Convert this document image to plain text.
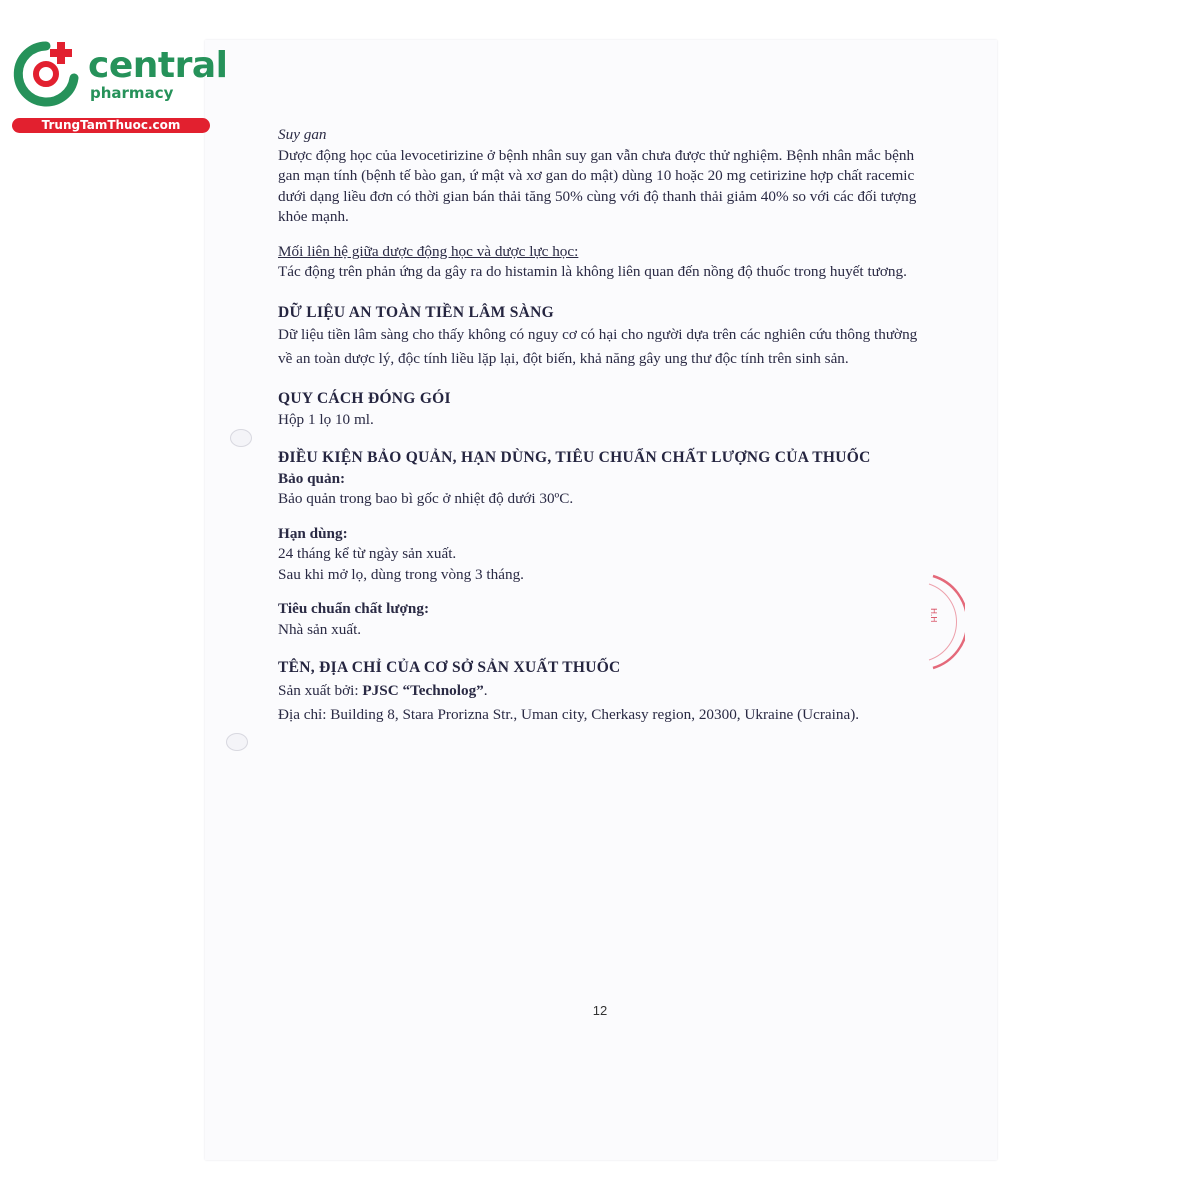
central
pharmacy
TrungTamThuoc.com
H.H

Suy gan

Dược động học của levocetirizine ở bệnh nhân suy gan vẫn chưa được thử nghiệm. Bệnh nhân mắc bệnh gan mạn tính (bệnh tế bào gan, ứ mật và xơ gan do mật) dùng 10 hoặc 20 mg cetirizine hợp chất racemic dưới dạng liều đơn có thời gian bán thải tăng 50% cùng với độ thanh thải giảm 40% so với các đối tượng khỏe mạnh.

Mối liên hệ giữa dược động học và dược lực học:

Tác động trên phản ứng da gây ra do histamin là không liên quan đến nồng độ thuốc trong huyết tương.

DỮ LIỆU AN TOÀN TIỀN LÂM SÀNG

Dữ liệu tiền lâm sàng cho thấy không có nguy cơ có hại cho người dựa trên các nghiên cứu thông thường về an toàn dược lý, độc tính liều lặp lại, đột biến, khả năng gây ung thư độc tính trên sinh sản.

QUY CÁCH ĐÓNG GÓI

Hộp 1 lọ 10 ml.

ĐIỀU KIỆN BẢO QUẢN, HẠN DÙNG, TIÊU CHUẨN CHẤT LƯỢNG CỦA THUỐC

Bảo quản:

Bảo quản trong bao bì gốc ở nhiệt độ dưới 30ºC.

Hạn dùng:

24 tháng kể từ ngày sản xuất.

Sau khi mở lọ, dùng trong vòng 3 tháng.

Tiêu chuẩn chất lượng:

Nhà sản xuất.

TÊN, ĐỊA CHỈ CỦA CƠ SỞ SẢN XUẤT THUỐC

Sản xuất bởi: PJSC “Technolog”.

Địa chỉ: Building 8, Stara Prorizna Str., Uman city, Cherkasy region, 20300, Ukraine (Ucraina).

12
